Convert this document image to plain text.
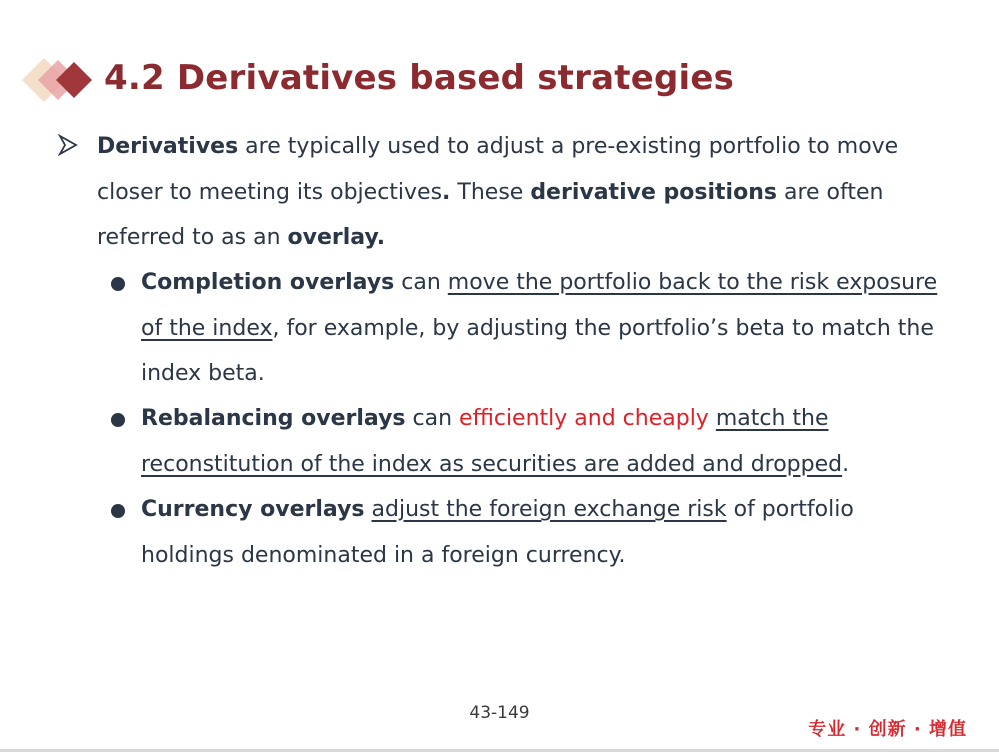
4.2 Derivatives based strategies

Derivatives are typically used to adjust a pre-existing portfolio to move closer to meeting its objectives. These derivative positions are often referred to as an overlay.

Completion overlays can move the portfolio back to the risk exposure of the index, for example, by adjusting the portfolio’s beta to match the index beta.

Rebalancing overlays can efficiently and cheaply match the reconstitution of the index as securities are added and dropped.

Currency overlays adjust the foreign exchange risk of portfolio holdings denominated in a foreign currency.

43-149
专业 · 创新 · 增值
